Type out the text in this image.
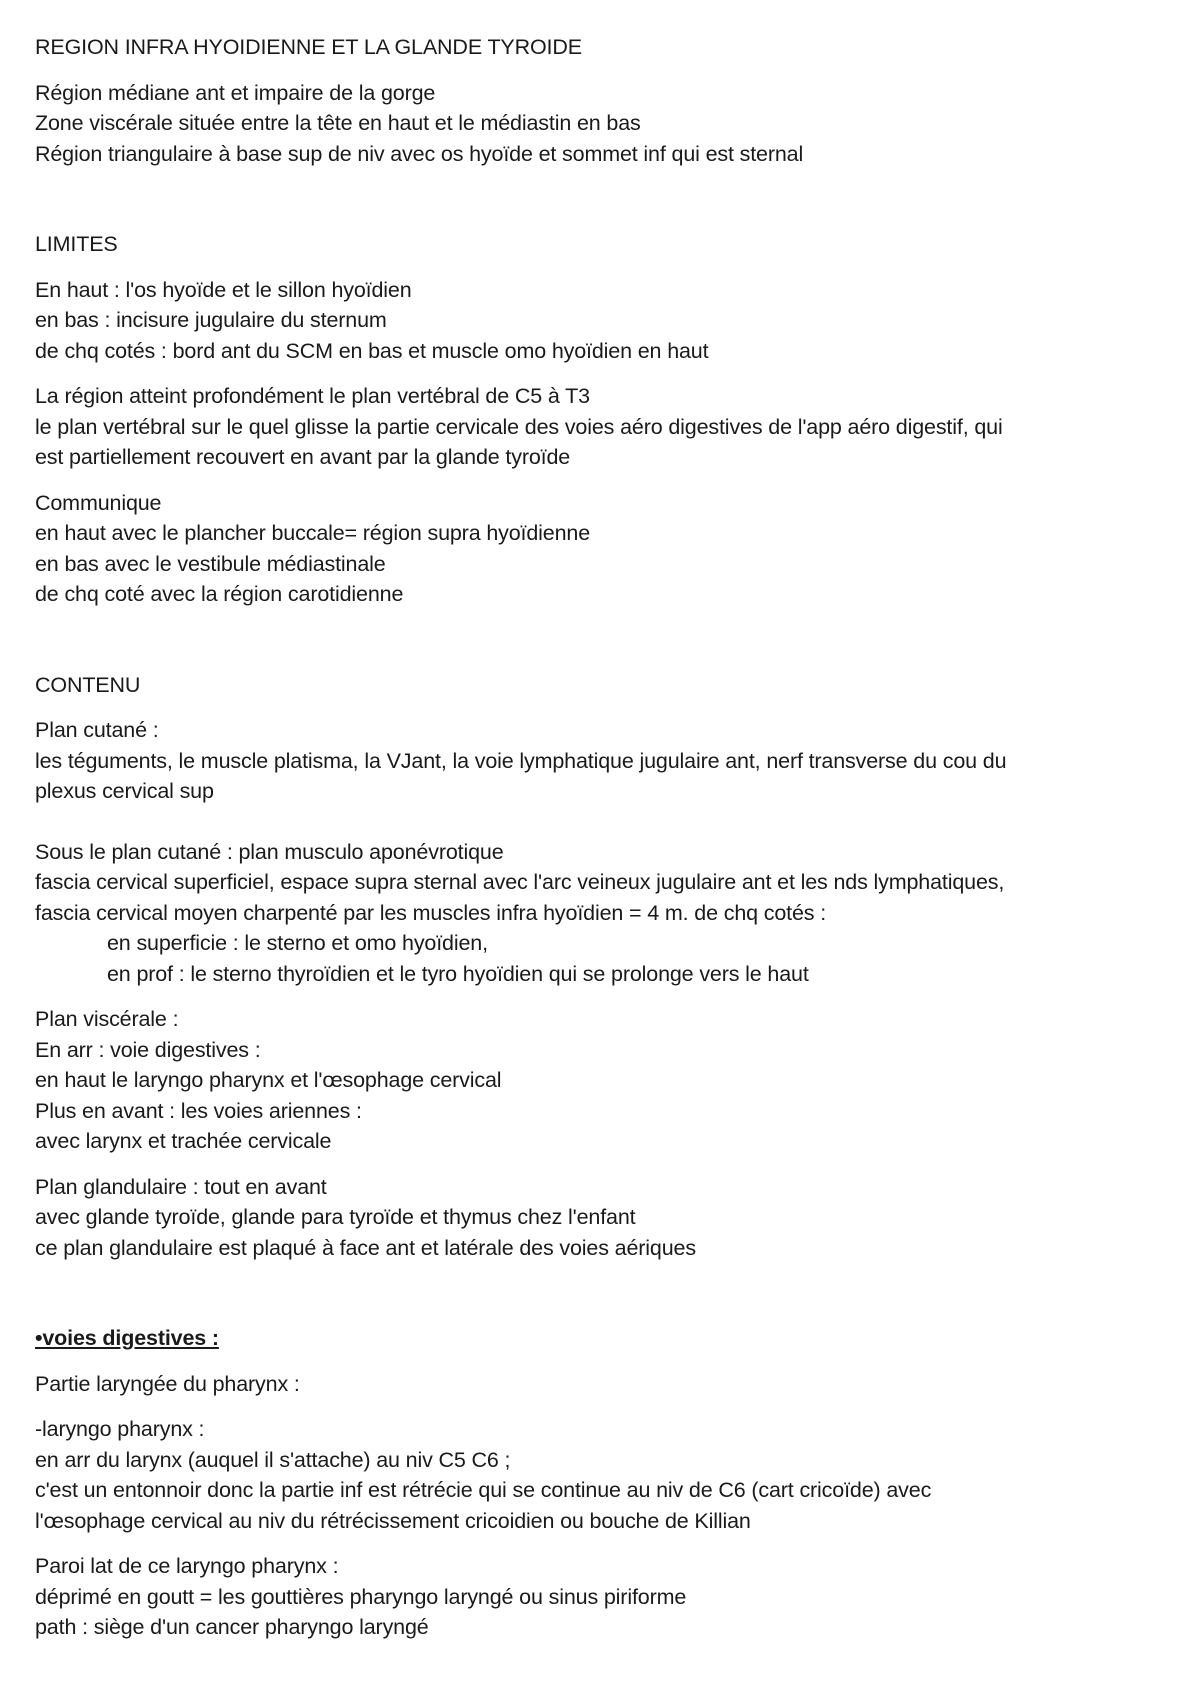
REGION INFRA HYOIDIENNE ET LA GLANDE TYROIDE
Région médiane ant et impaire de la gorge
Zone viscérale située entre la tête en haut et le médiastin en bas
Région triangulaire à base sup de niv avec os hyoïde et sommet inf qui est sternal
LIMITES
En haut : l'os hyoïde et le sillon hyoïdien
en bas : incisure jugulaire du sternum
de chq cotés : bord ant du SCM en bas et muscle omo hyoïdien en haut
La région atteint profondément le plan vertébral de C5 à T3
le plan vertébral sur le quel glisse la partie cervicale des voies aéro digestives de l'app aéro digestif, qui
est partiellement recouvert en avant par la glande tyroïde
Communique
en haut avec le plancher buccale= région supra hyoïdienne
en bas avec le vestibule médiastinale
de chq coté avec la région carotidienne
CONTENU
Plan cutané :
les téguments, le muscle platisma, la VJant, la voie lymphatique jugulaire ant, nerf transverse du cou du
plexus cervical sup
Sous le plan cutané : plan musculo aponévrotique
fascia cervical superficiel, espace supra sternal avec l'arc veineux jugulaire ant et les nds lymphatiques,
fascia cervical moyen charpenté par les muscles infra hyoïdien = 4 m. de chq cotés :
en superficie : le sterno et omo hyoïdien,
en prof : le sterno thyroïdien et le tyro hyoïdien qui se prolonge vers le haut
Plan viscérale :
En arr : voie digestives :
en haut le laryngo pharynx et l'œsophage cervical
Plus en avant : les voies ariennes :
avec larynx et trachée cervicale
Plan glandulaire : tout en avant
avec glande tyroïde, glande para tyroïde et thymus chez l'enfant
ce plan glandulaire est plaqué à face ant et latérale des voies aériques
•voies digestives :
Partie laryngée du pharynx :
-laryngo pharynx :
en arr du larynx (auquel il s'attache) au niv C5 C6 ;
c'est un entonnoir donc la partie inf est rétrécie qui se continue au niv de C6 (cart cricoïde) avec
l'œsophage cervical au niv du rétrécissement cricoidien ou bouche de Killian
Paroi lat de ce laryngo pharynx :
déprimé en goutt = les gouttières pharyngo laryngé ou sinus piriforme
path : siège d'un cancer pharyngo laryngé
